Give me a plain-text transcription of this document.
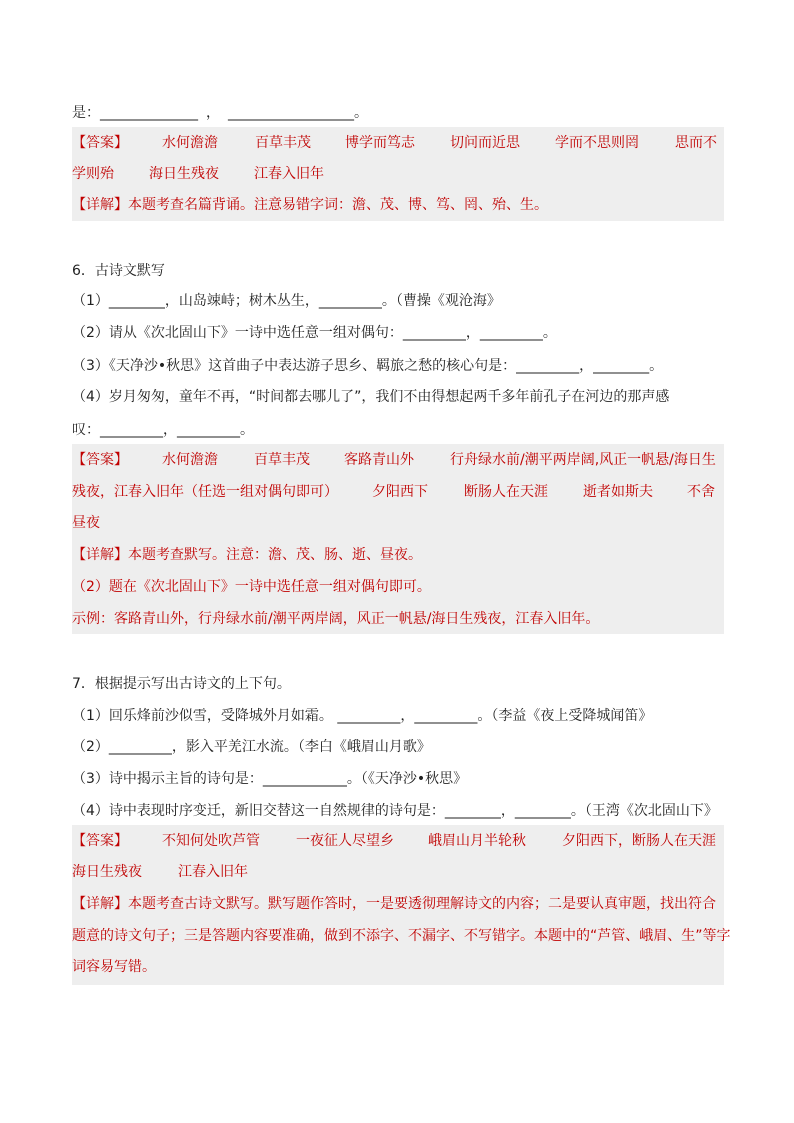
是：______________ ， __________________。
【答案】 水何澹澹	百草丰茂 博学而笃志	切问而近思	学而不思则罔	思而不
学则殆	海日生残夜	江春入旧年
【详解】本题考查名篇背诵。注意易错字词：澹、茂、博、笃、罔、殆、生。
6．古诗文默写
（1）________，山岛竦峙；树木丛生，_________。（曹操《观沧海》
（2）请从《次北固山下》一诗中选任意一组对偶句：_________，_________。
（3）《天净沙•秋思》这首曲子中表达游子思乡、羁旅之愁的核心句是：_________，________。
（4）岁月匆匆，童年不再，“时间都去哪儿了”，我们不由得想起两千多年前孔子在河边的那声感
叹：_________，_________。
【答案】 水何澹澹	百草丰茂 客路青山外	行舟绿水前/潮平两岸阔,风正一帆悬/海日生
残夜，江春入旧年（任选一组对偶句即可） 夕阳西下	断肠人在天涯	逝者如斯夫 不舍
昼夜
【详解】本题考查默写。注意：澹、茂、肠、逝、昼夜。
（2）题在《次北固山下》一诗中选任意一组对偶句即可。
示例：客路青山外，行舟绿水前/潮平两岸阔，风正一帆悬/海日生残夜，江春入旧年。
7．根据提示写出古诗文的上下句。
（1）回乐烽前沙似雪，受降城外月如霜。 _________，_________。（李益《夜上受降城闻笛》
（2）_________，影入平羌江水流。（李白《峨眉山月歌》
（3）诗中揭示主旨的诗句是：____________。（《天净沙•秋思》
（4）诗中表现时序变迁，新旧交替这一自然规律的诗句是：________，________。（王湾《次北固山下》
【答案】 不知何处吹芦管	一夜征人尽望乡 峨眉山月半轮秋	夕阳西下，断肠人在天涯
海日生残夜	江春入旧年
【详解】本题考查古诗文默写。默写题作答时，一是要透彻理解诗文的内容；二是要认真审题，找出符合
题意的诗文句子；三是答题内容要准确，做到不添字、不漏字、不写错字。本题中的“芦管、峨眉、生”等字
词容易写错。
